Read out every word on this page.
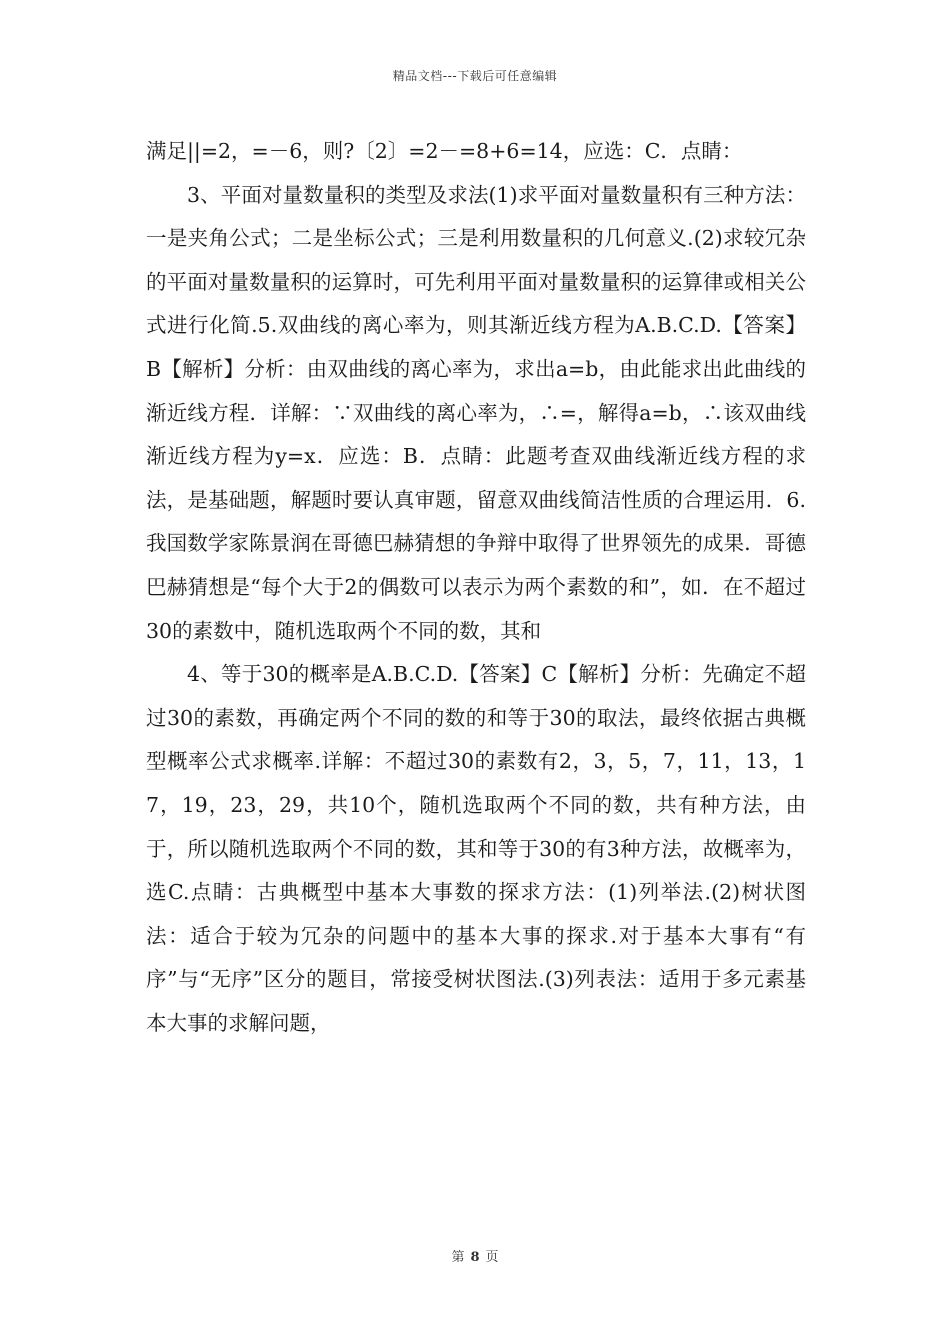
精品文档---下载后可任意编辑

满足||=2，=－6，则?〔2〕=2－=8+6=14，应选：C．点睛：

3、平面对量数量积的类型及求法(1)求平面对量数量积有三种方法：一是夹角公式；二是坐标公式；三是利用数量积的几何意义.(2)求较冗杂的平面对量数量积的运算时，可先利用平面对量数量积的运算律或相关公式进行化简.5.双曲线的离心率为，则其渐近线方程为A.B.C.D.【答案】B【解析】分析：由双曲线的离心率为，求出a=b，由此能求出此曲线的渐近线方程．详解：∵双曲线的离心率为，∴=，解得a=b，∴该双曲线渐近线方程为y=x．应选：B．点睛：此题考查双曲线渐近线方程的求法，是基础题，解题时要认真审题，留意双曲线简洁性质的合理运用．6.我国数学家陈景润在哥德巴赫猜想的争辩中取得了世界领先的成果．哥德巴赫猜想是“每个大于2的偶数可以表示为两个素数的和”，如．在不超过30的素数中，随机选取两个不同的数，其和

4、等于30的概率是A.B.C.D.【答案】C【解析】分析：先确定不超过30的素数，再确定两个不同的数的和等于30的取法，最终依据古典概型概率公式求概率.详解：不超过30的素数有2，3，5，7，11，13，17，19，23，29，共10个，随机选取两个不同的数，共有种方法，由于，所以随机选取两个不同的数，其和等于30的有3种方法，故概率为，选C.点睛：古典概型中基本大事数的探求方法：(1)列举法.(2)树状图法：适合于较为冗杂的问题中的基本大事的探求.对于基本大事有“有序”与“无序”区分的题目，常接受树状图法.(3)列表法：适用于多元素基本大事的求解问题，

第 8 页
